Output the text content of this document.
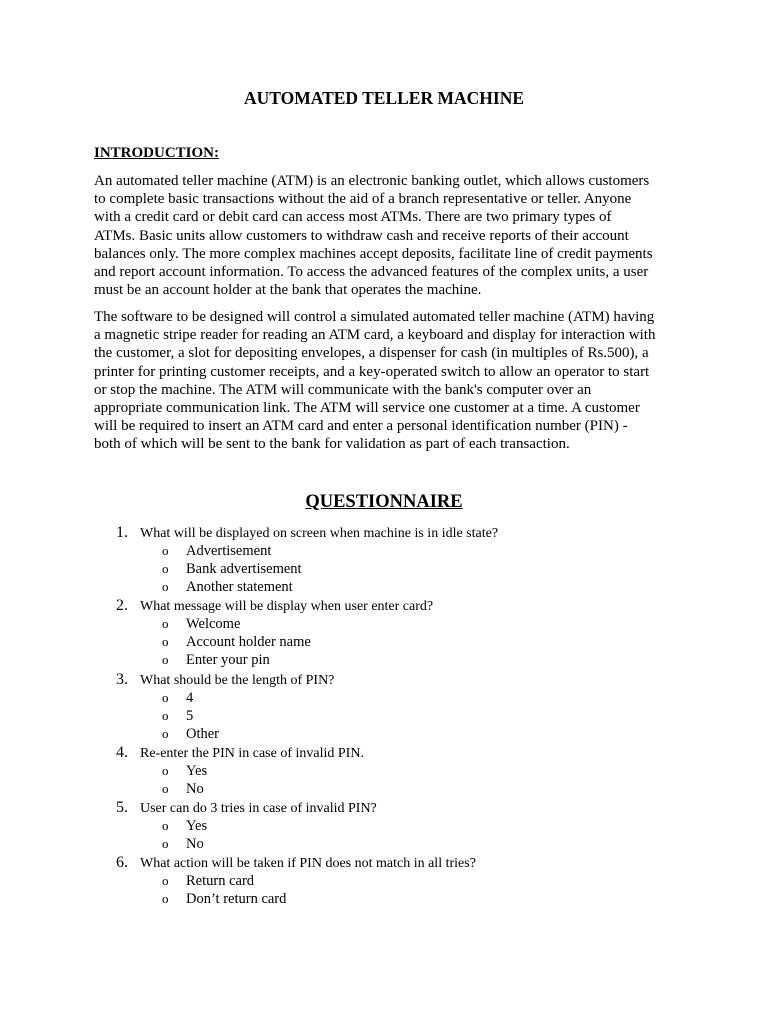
AUTOMATED TELLER MACHINE
INTRODUCTION:
An automated teller machine (ATM) is an electronic banking outlet, which allows customers
to complete basic transactions without the aid of a branch representative or teller. Anyone
with a credit card or debit card can access most ATMs. There are two primary types of
ATMs. Basic units allow customers to withdraw cash and receive reports of their account
balances only. The more complex machines accept deposits, facilitate line of credit payments
and report account information. To access the advanced features of the complex units, a user
must be an account holder at the bank that operates the machine.
The software to be designed will control a simulated automated teller machine (ATM) having
a magnetic stripe reader for reading an ATM card, a keyboard and display for interaction with
the customer, a slot for depositing envelopes, a dispenser for cash (in multiples of Rs.500), a
printer for printing customer receipts, and a key-operated switch to allow an operator to start
or stop the machine. The ATM will communicate with the bank's computer over an
appropriate communication link. The ATM will service one customer at a time. A customer
will be required to insert an ATM card and enter a personal identification number (PIN) -
both of which will be sent to the bank for validation as part of each transaction.
QUESTIONNAIRE
1. What will be displayed on screen when machine is in idle state?
o Advertisement
o Bank advertisement
o Another statement
2. What message will be display when user enter card?
o Welcome
o Account holder name
o Enter your pin
3. What should be the length of PIN?
o 4
o 5
o Other
4. Re-enter the PIN in case of invalid PIN.
o Yes
o No
5. User can do 3 tries in case of invalid PIN?
o Yes
o No
6. What action will be taken if PIN does not match in all tries?
o Return card
o Don’t return card
